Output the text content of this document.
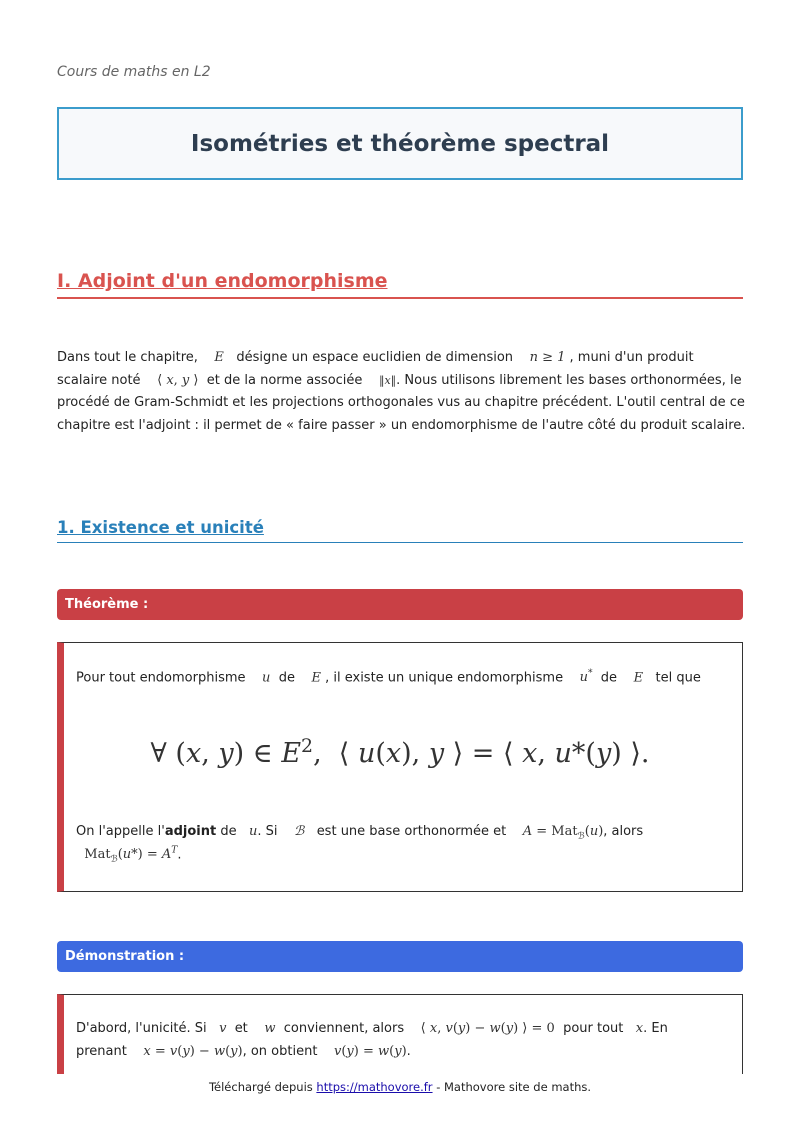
Cours de maths en L2
Isométries et théorème spectral
I. Adjoint d'un endomorphisme
Dans tout le chapitre, E désigne un espace euclidien de dimension n ≥ 1 , muni d'un produit
scalaire noté ⟨ x, y ⟩ et de la norme associée ‖x‖. Nous utilisons librement les bases orthonormées, le
procédé de Gram-Schmidt et les projections orthogonales vus au chapitre précédent. L'outil central de ce
chapitre est l'adjoint : il permet de « faire passer » un endomorphisme de l'autre côté du produit scalaire.
1. Existence et unicité
Théorème :
Pour tout endomorphisme u de E , il existe un unique endomorphisme u* de E tel que
∀ (x, y) ∈ $E^2$,  ⟨ u(x), y ⟩ = ⟨ x, u*(y) ⟩.
On l'appelle l'adjoint de u. Si ℬ est une base orthonormée et A = Mat$_ℬ$(u), alors
$Mat_ℬ(u*) = A^T$.
Démonstration :
D'abord, l'unicité. Si v et w conviennent, alors ⟨ x, v(y) − w(y) ⟩ = 0 pour tout x. En
prenant x = v(y) − w(y), on obtient v(y) = w(y).
Téléchargé depuis https://mathovore.fr - Mathovore site de maths.
